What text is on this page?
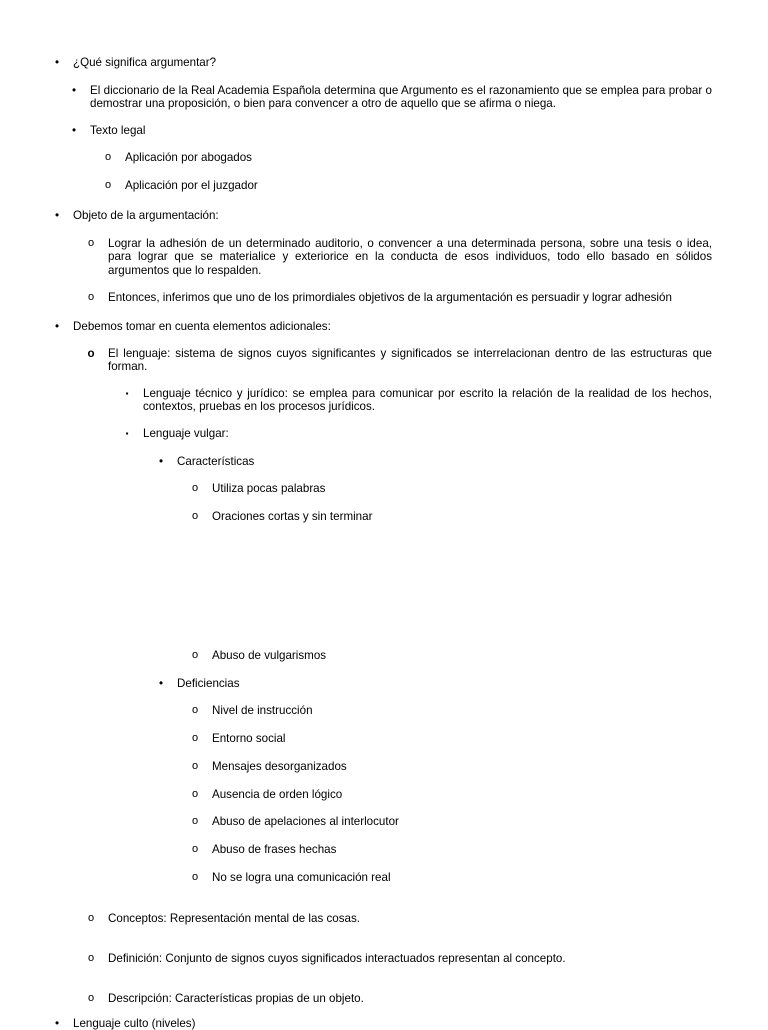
•	¿Qué significa argumentar?
•	El diccionario de la Real Academia Española determina que Argumento es el razonamiento que se emplea para probar o demostrar una proposición, o bien para convencer a otro de aquello que se afirma o niega.
•	Texto legal
o	Aplicación por abogados
o	Aplicación por el juzgador
•	Objeto de la argumentación:
o	Lograr la adhesión de un determinado auditorio, o convencer a una determinada persona, sobre una tesis o idea, para lograr que se materialice y exteriorice en la conducta de esos individuos, todo ello basado en sólidos argumentos que lo respalden.
o	Entonces, inferimos que uno de los primordiales objetivos de la argumentación es persuadir y lograr adhesión
•	Debemos tomar en cuenta elementos adicionales:
o El lenguaje: sistema de signos cuyos significantes y significados se interrelacionan dentro de las estructuras que forman.
▪	Lenguaje técnico y jurídico: se emplea para comunicar por escrito la relación de la realidad de los hechos, contextos, pruebas en los procesos jurídicos.
▪	Lenguaje vulgar:
•	Características
o	Utiliza pocas palabras
o	Oraciones cortas y sin terminar
o	Abuso de vulgarismos
•	Deficiencias
o	Nivel de instrucción
o	Entorno social
o	Mensajes desorganizados
o	Ausencia de orden lógico
o	Abuso de apelaciones al interlocutor
o	Abuso de frases hechas
o	No se logra una comunicación real
o	Conceptos: Representación mental de las cosas.
o	Definición: Conjunto de signos cuyos significados interactuados representan al concepto.
o	Descripción: Características propias de un objeto.
•	Lenguaje culto (niveles)
